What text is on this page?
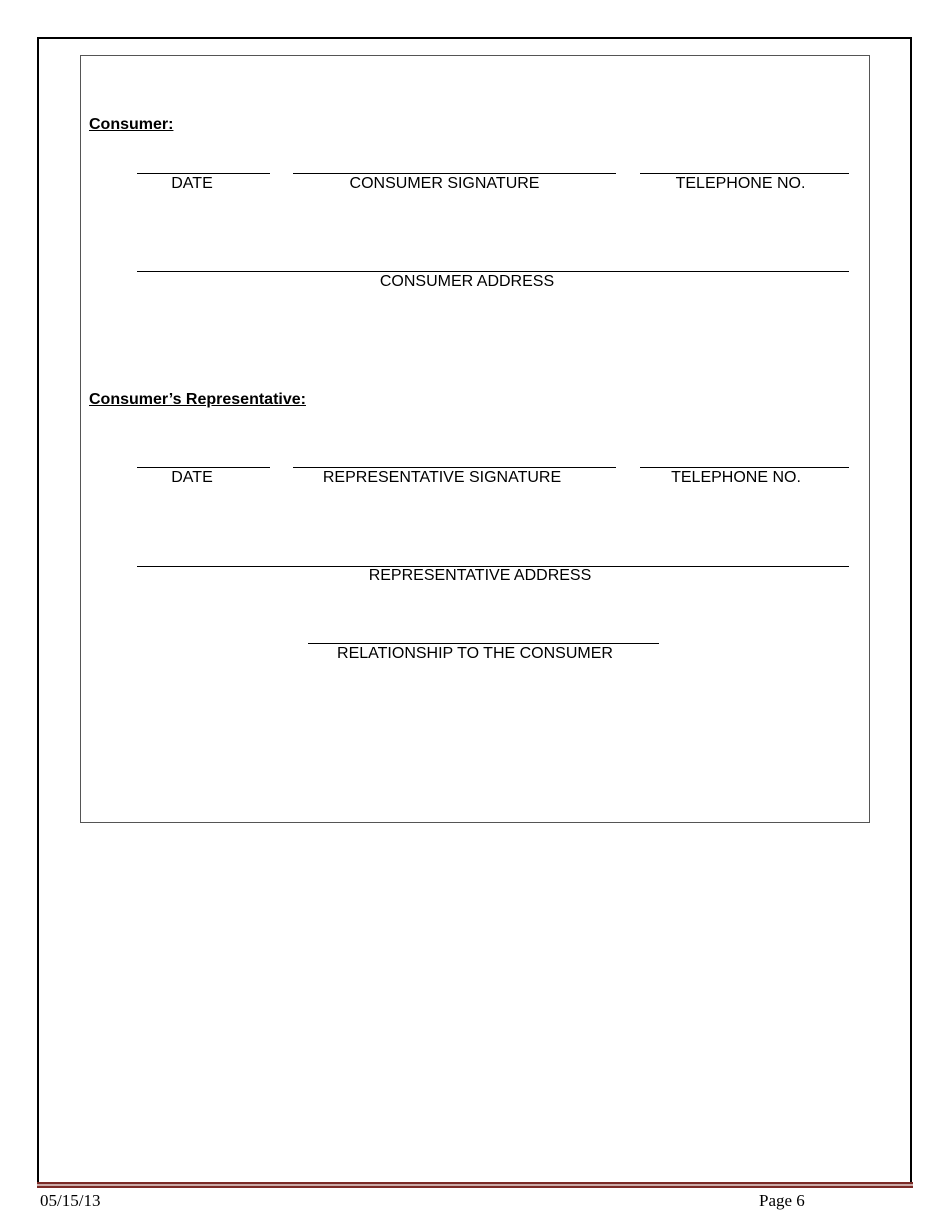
Consumer:
DATE	CONSUMER SIGNATURE	TELEPHONE NO.
CONSUMER ADDRESS
Consumer’s Representative:
DATE	REPRESENTATIVE SIGNATURE	TELEPHONE NO.
REPRESENTATIVE ADDRESS
RELATIONSHIP TO THE CONSUMER
05/15/13	Page 6
